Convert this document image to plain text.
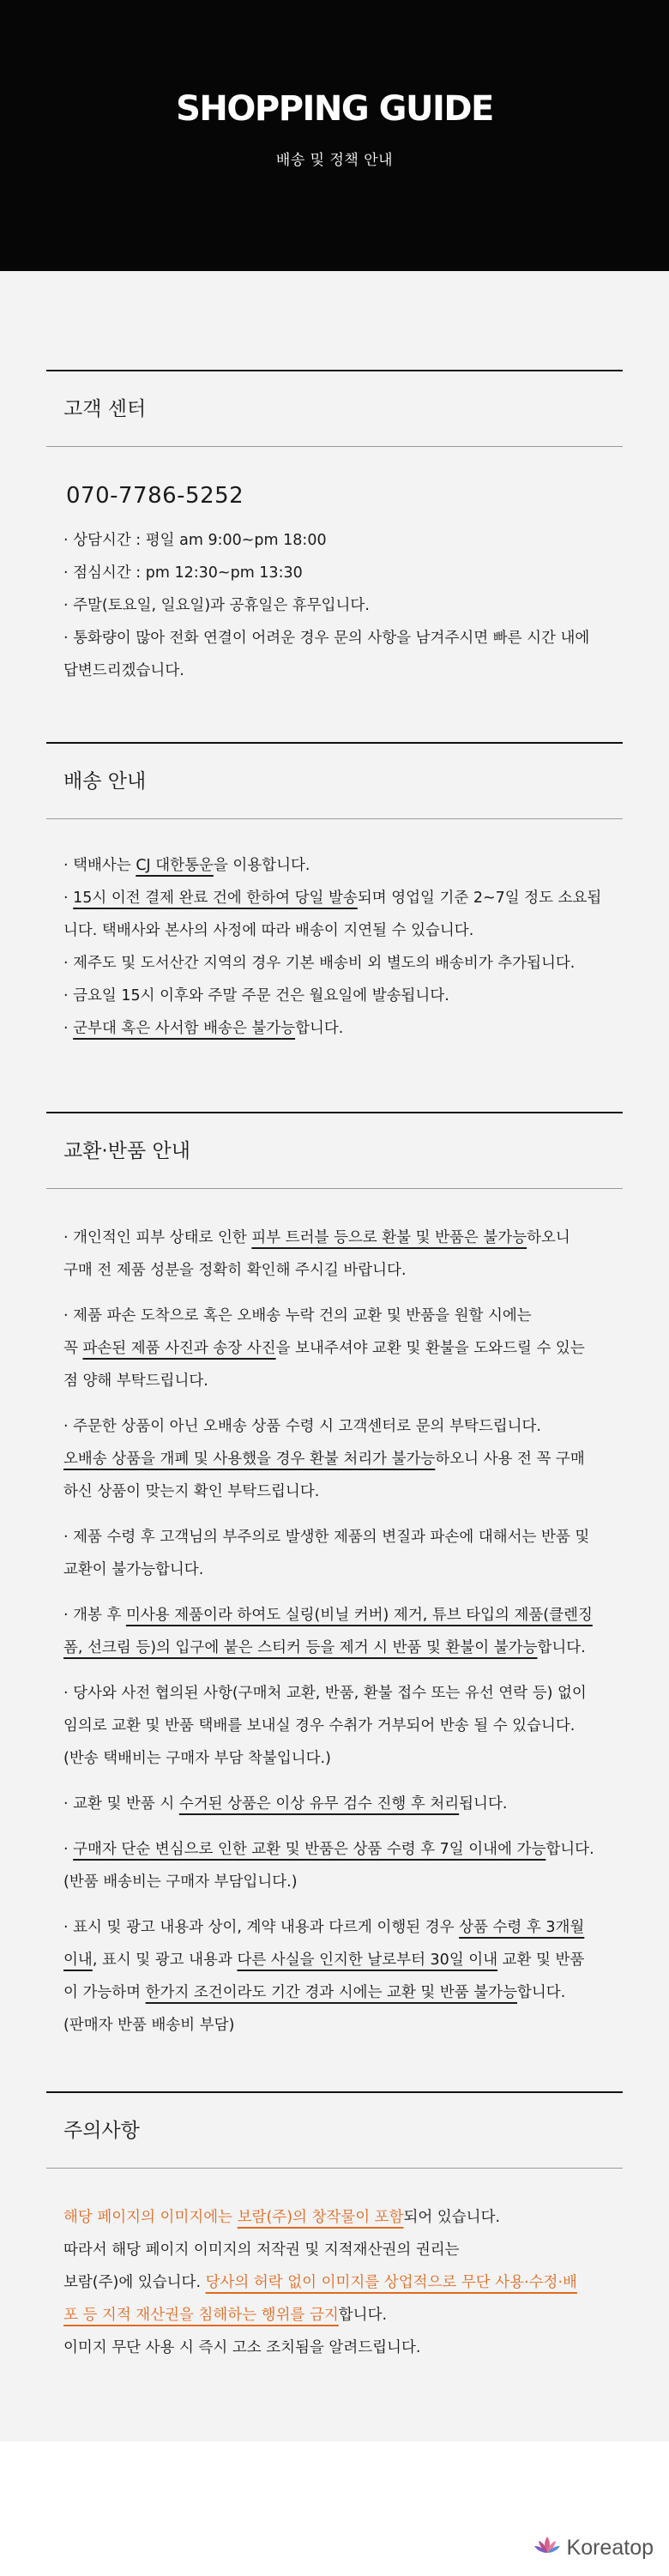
SHOPPING GUIDE
배송 및 정책 안내
고객 센터
070-7786-5252
· 상담시간 : 평일 am 9:00~pm 18:00
· 점심시간 : pm 12:30~pm 13:30
· 주말(토요일, 일요일)과 공휴일은 휴무입니다.
· 통화량이 많아 전화 연결이 어려운 경우 문의 사항을 남겨주시면 빠른 시간 내에
답변드리겠습니다.
배송 안내
· 택배사는 CJ 대한통운을 이용합니다.
· 15시 이전 결제 완료 건에 한하여 당일 발송되며 영업일 기준 2~7일 정도 소요됩
니다. 택배사와 본사의 사정에 따라 배송이 지연될 수 있습니다.
· 제주도 및 도서산간 지역의 경우 기본 배송비 외 별도의 배송비가 추가됩니다.
· 금요일 15시 이후와 주말 주문 건은 월요일에 발송됩니다.
· 군부대 혹은 사서함 배송은 불가능합니다.
교환·반품 안내
· 개인적인 피부 상태로 인한 피부 트러블 등으로 환불 및 반품은 불가능하오니
구매 전 제품 성분을 정확히 확인해 주시길 바랍니다.
· 제품 파손 도착으로 혹은 오배송 누락 건의 교환 및 반품을 원할 시에는
꼭 파손된 제품 사진과 송장 사진을 보내주셔야 교환 및 환불을 도와드릴 수 있는
점 양해 부탁드립니다.
· 주문한 상품이 아닌 오배송 상품 수령 시 고객센터로 문의 부탁드립니다.
오배송 상품을 개폐 및 사용했을 경우 환불 처리가 불가능하오니 사용 전 꼭 구매
하신 상품이 맞는지 확인 부탁드립니다.
· 제품 수령 후 고객님의 부주의로 발생한 제품의 변질과 파손에 대해서는 반품 및
교환이 불가능합니다.
· 개봉 후 미사용 제품이라 하여도 실링(비닐 커버) 제거, 튜브 타입의 제품(클렌징
폼, 선크림 등)의 입구에 붙은 스티커 등을 제거 시 반품 및 환불이 불가능합니다.
· 당사와 사전 협의된 사항(구매처 교환, 반품, 환불 접수 또는 유선 연락 등) 없이
임의로 교환 및 반품 택배를 보내실 경우 수취가 거부되어 반송 될 수 있습니다.
(반송 택배비는 구매자 부담 착불입니다.)
· 교환 및 반품 시 수거된 상품은 이상 유무 검수 진행 후 처리됩니다.
· 구매자 단순 변심으로 인한 교환 및 반품은 상품 수령 후 7일 이내에 가능합니다.
(반품 배송비는 구매자 부담입니다.)
· 표시 및 광고 내용과 상이, 계약 내용과 다르게 이행된 경우 상품 수령 후 3개월
이내, 표시 및 광고 내용과 다른 사실을 인지한 날로부터 30일 이내 교환 및 반품
이 가능하며 한가지 조건이라도 기간 경과 시에는 교환 및 반품 불가능합니다.
(판매자 반품 배송비 부담)
주의사항
해당 페이지의 이미지에는 보람(주)의 창작물이 포함되어 있습니다.
따라서 해당 페이지 이미지의 저작권 및 지적재산권의 권리는
보람(주)에 있습니다. 당사의 허락 없이 이미지를 상업적으로 무단 사용·수정·배
포 등 지적 재산권을 침해하는 행위를 금지합니다.
이미지 무단 사용 시 즉시 고소 조치됨을 알려드립니다.
Koreatop
